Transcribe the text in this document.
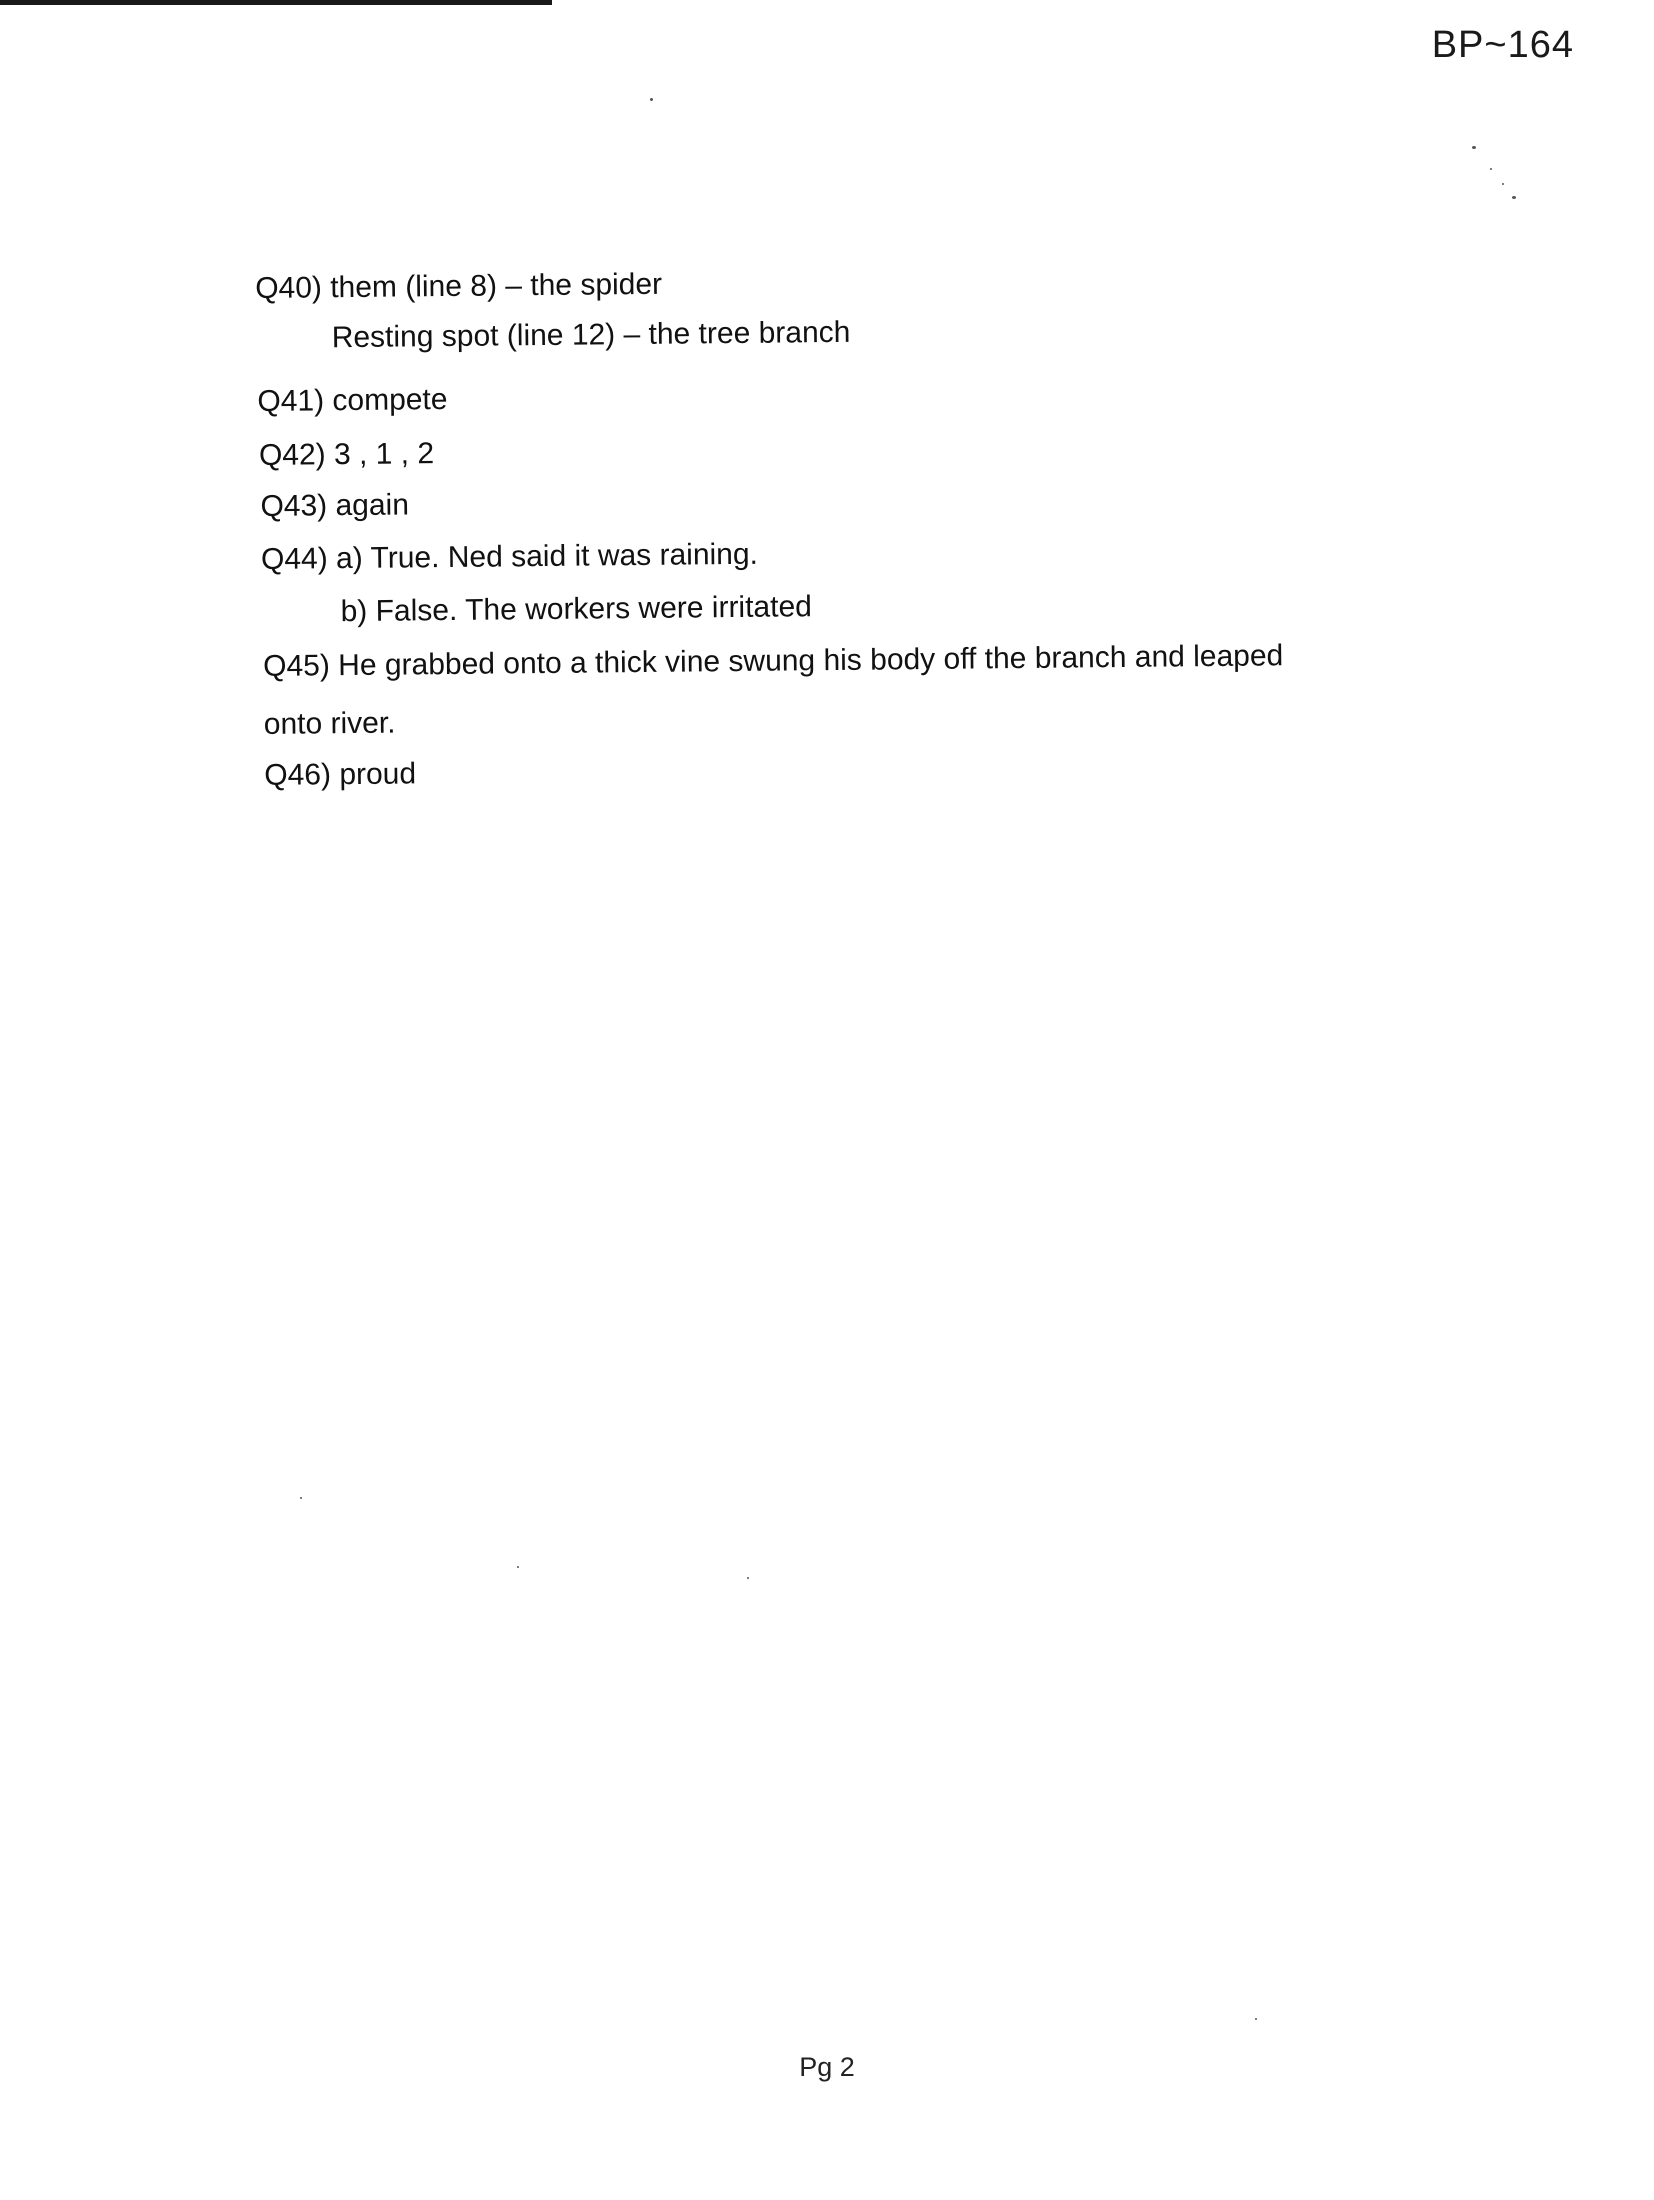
BP~164
Q40) them (line 8) – the spider
Resting spot (line 12) – the tree branch
Q41) compete
Q42) 3 , 1 , 2
Q43) again
Q44) a) True. Ned said it was raining.
b) False. The workers were irritated
Q45) He grabbed onto a thick vine swung his body off the branch and leaped
onto river.
Q46) proud
Pg 2
